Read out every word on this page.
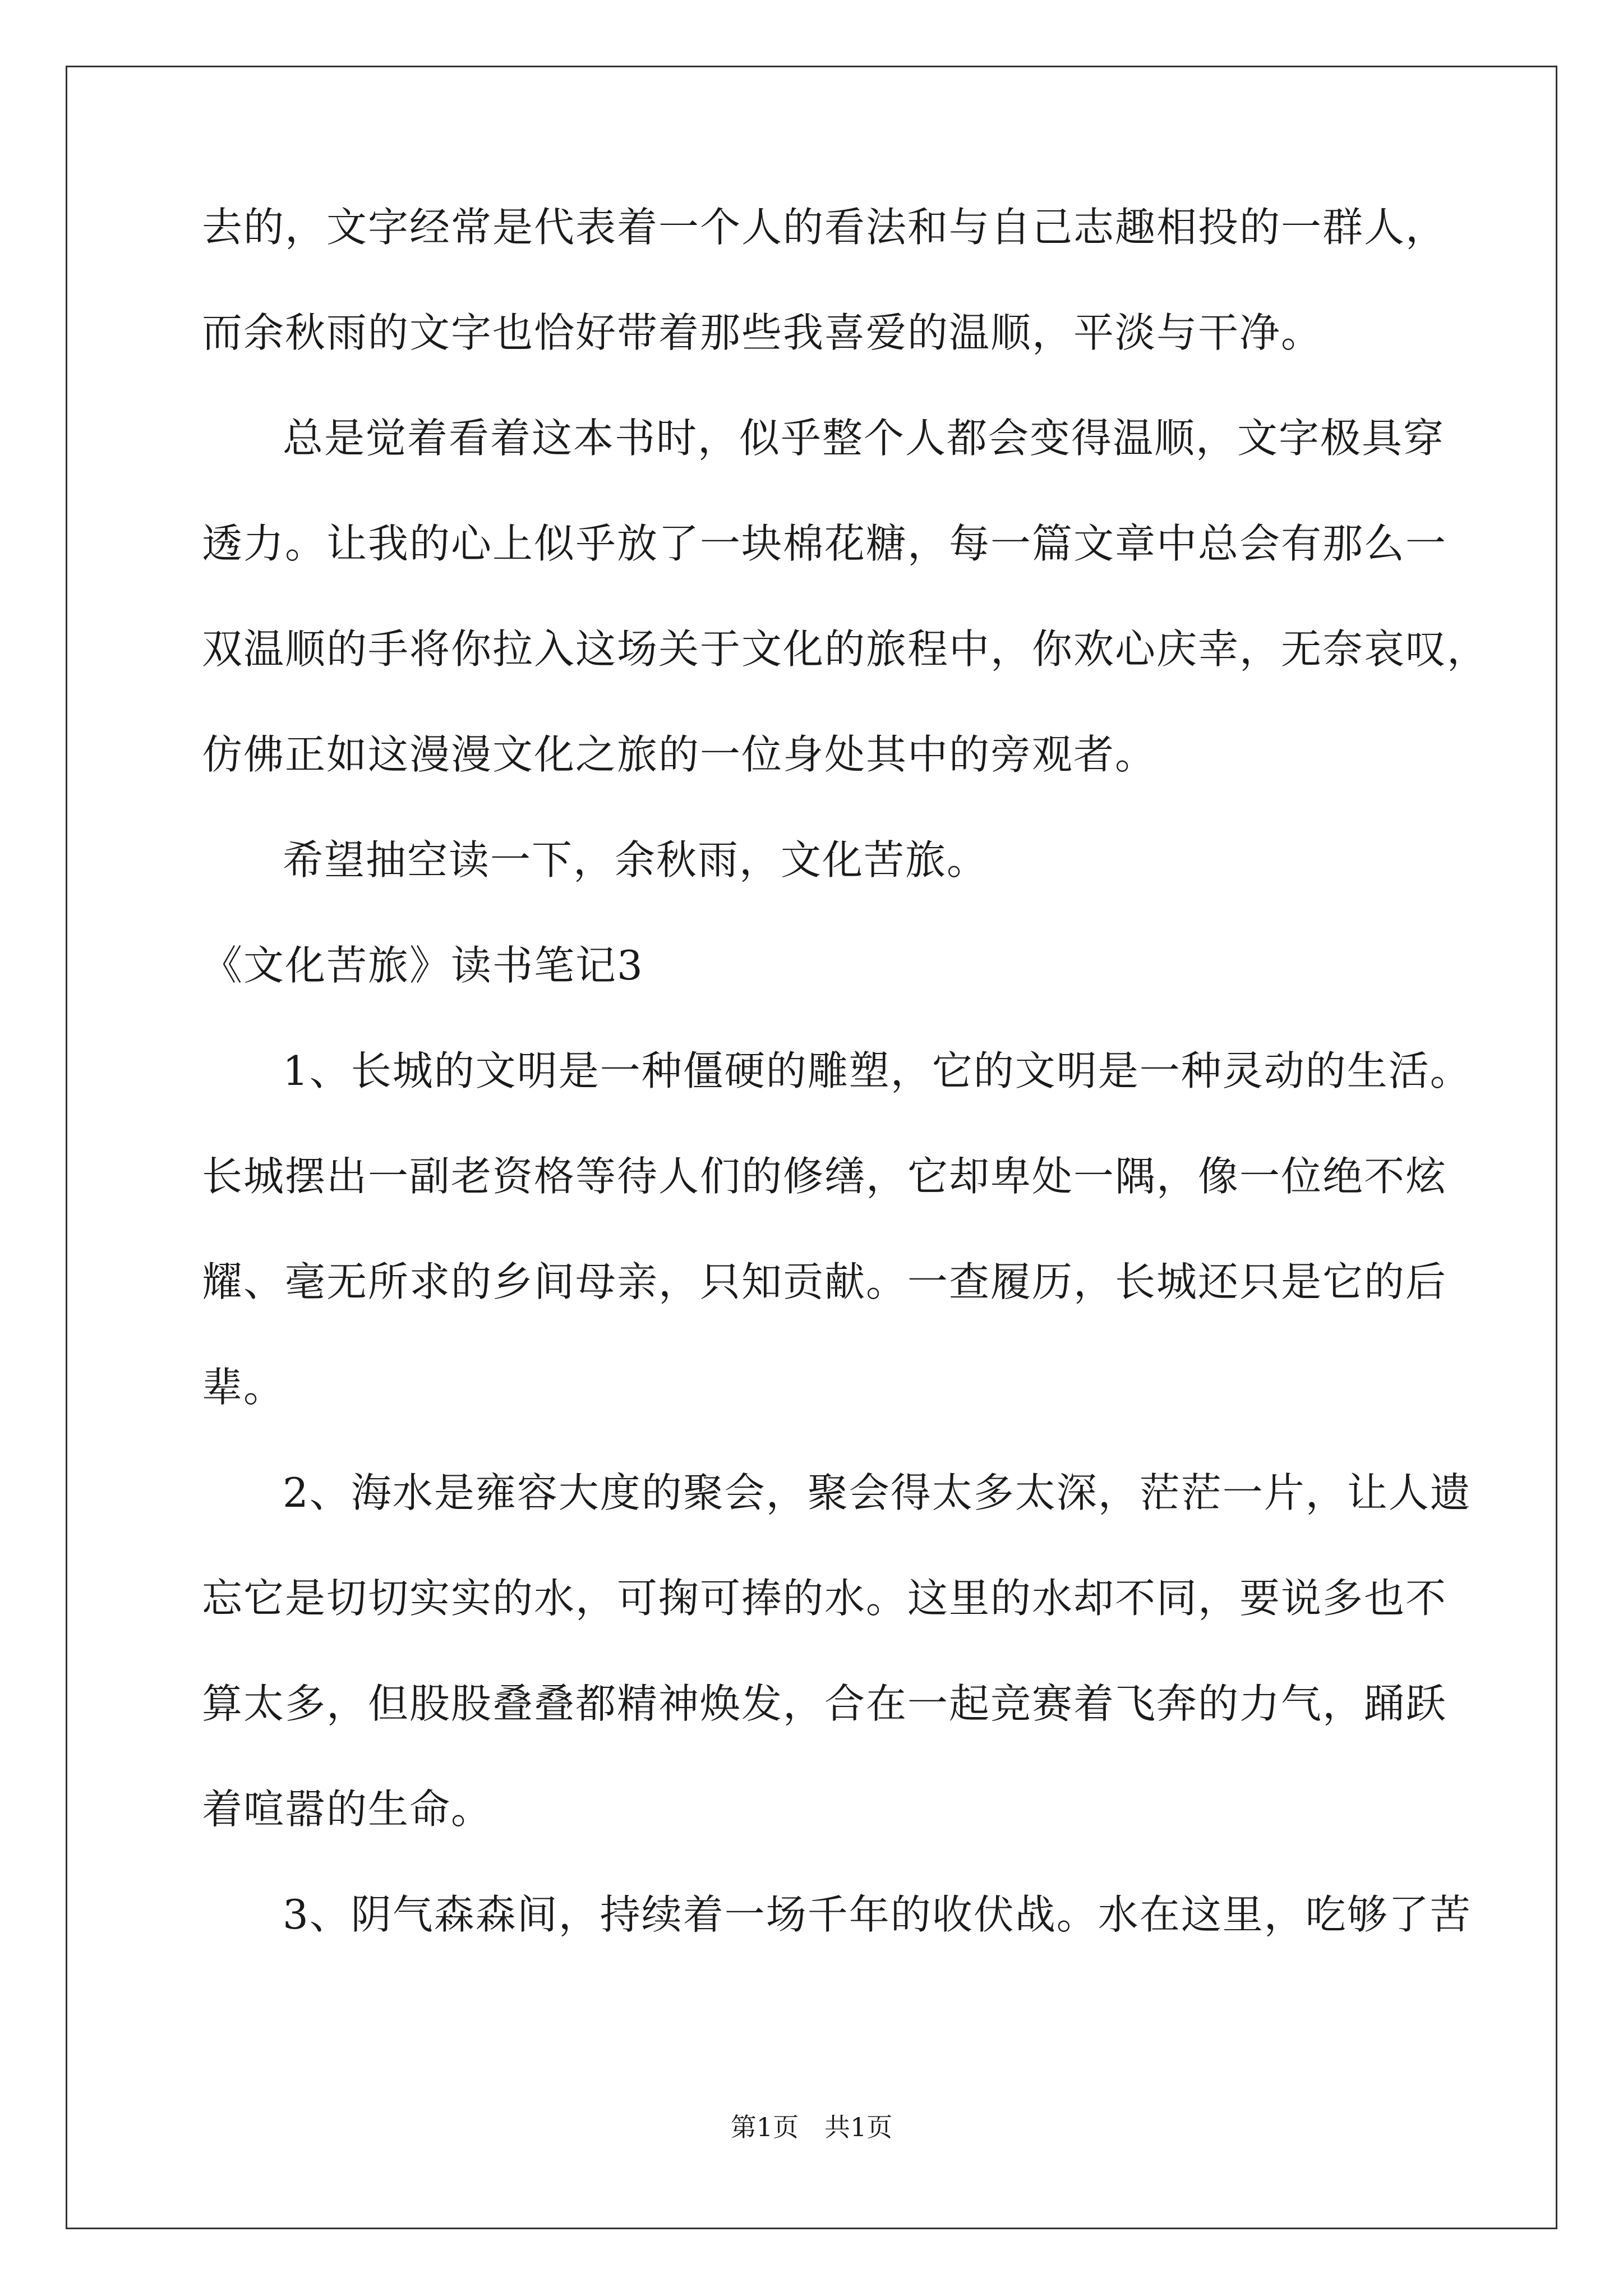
去的，文字经常是代表着一个人的看法和与自己志趣相投的一群人，
而余秋雨的文字也恰好带着那些我喜爱的温顺，平淡与干净。
总是觉着看着这本书时，似乎整个人都会变得温顺，文字极具穿
透力。让我的心上似乎放了一块棉花糖，每一篇文章中总会有那么一
双温顺的手将你拉入这场关于文化的旅程中，你欢心庆幸，无奈哀叹，
仿佛正如这漫漫文化之旅的一位身处其中的旁观者。
希望抽空读一下，余秋雨，文化苦旅。
《文化苦旅》读书笔记3
1、长城的文明是一种僵硬的雕塑，它的文明是一种灵动的生活。
长城摆出一副老资格等待人们的修缮，它却卑处一隅，像一位绝不炫
耀、毫无所求的乡间母亲，只知贡献。一查履历，长城还只是它的后
辈。
2、海水是雍容大度的聚会，聚会得太多太深，茫茫一片，让人遗
忘它是切切实实的水，可掬可捧的水。这里的水却不同，要说多也不
算太多，但股股叠叠都精神焕发，合在一起竞赛着飞奔的力气，踊跃
着喧嚣的生命。
3、阴气森森间，持续着一场千年的收伏战。水在这里，吃够了苦
第1页　共1页
